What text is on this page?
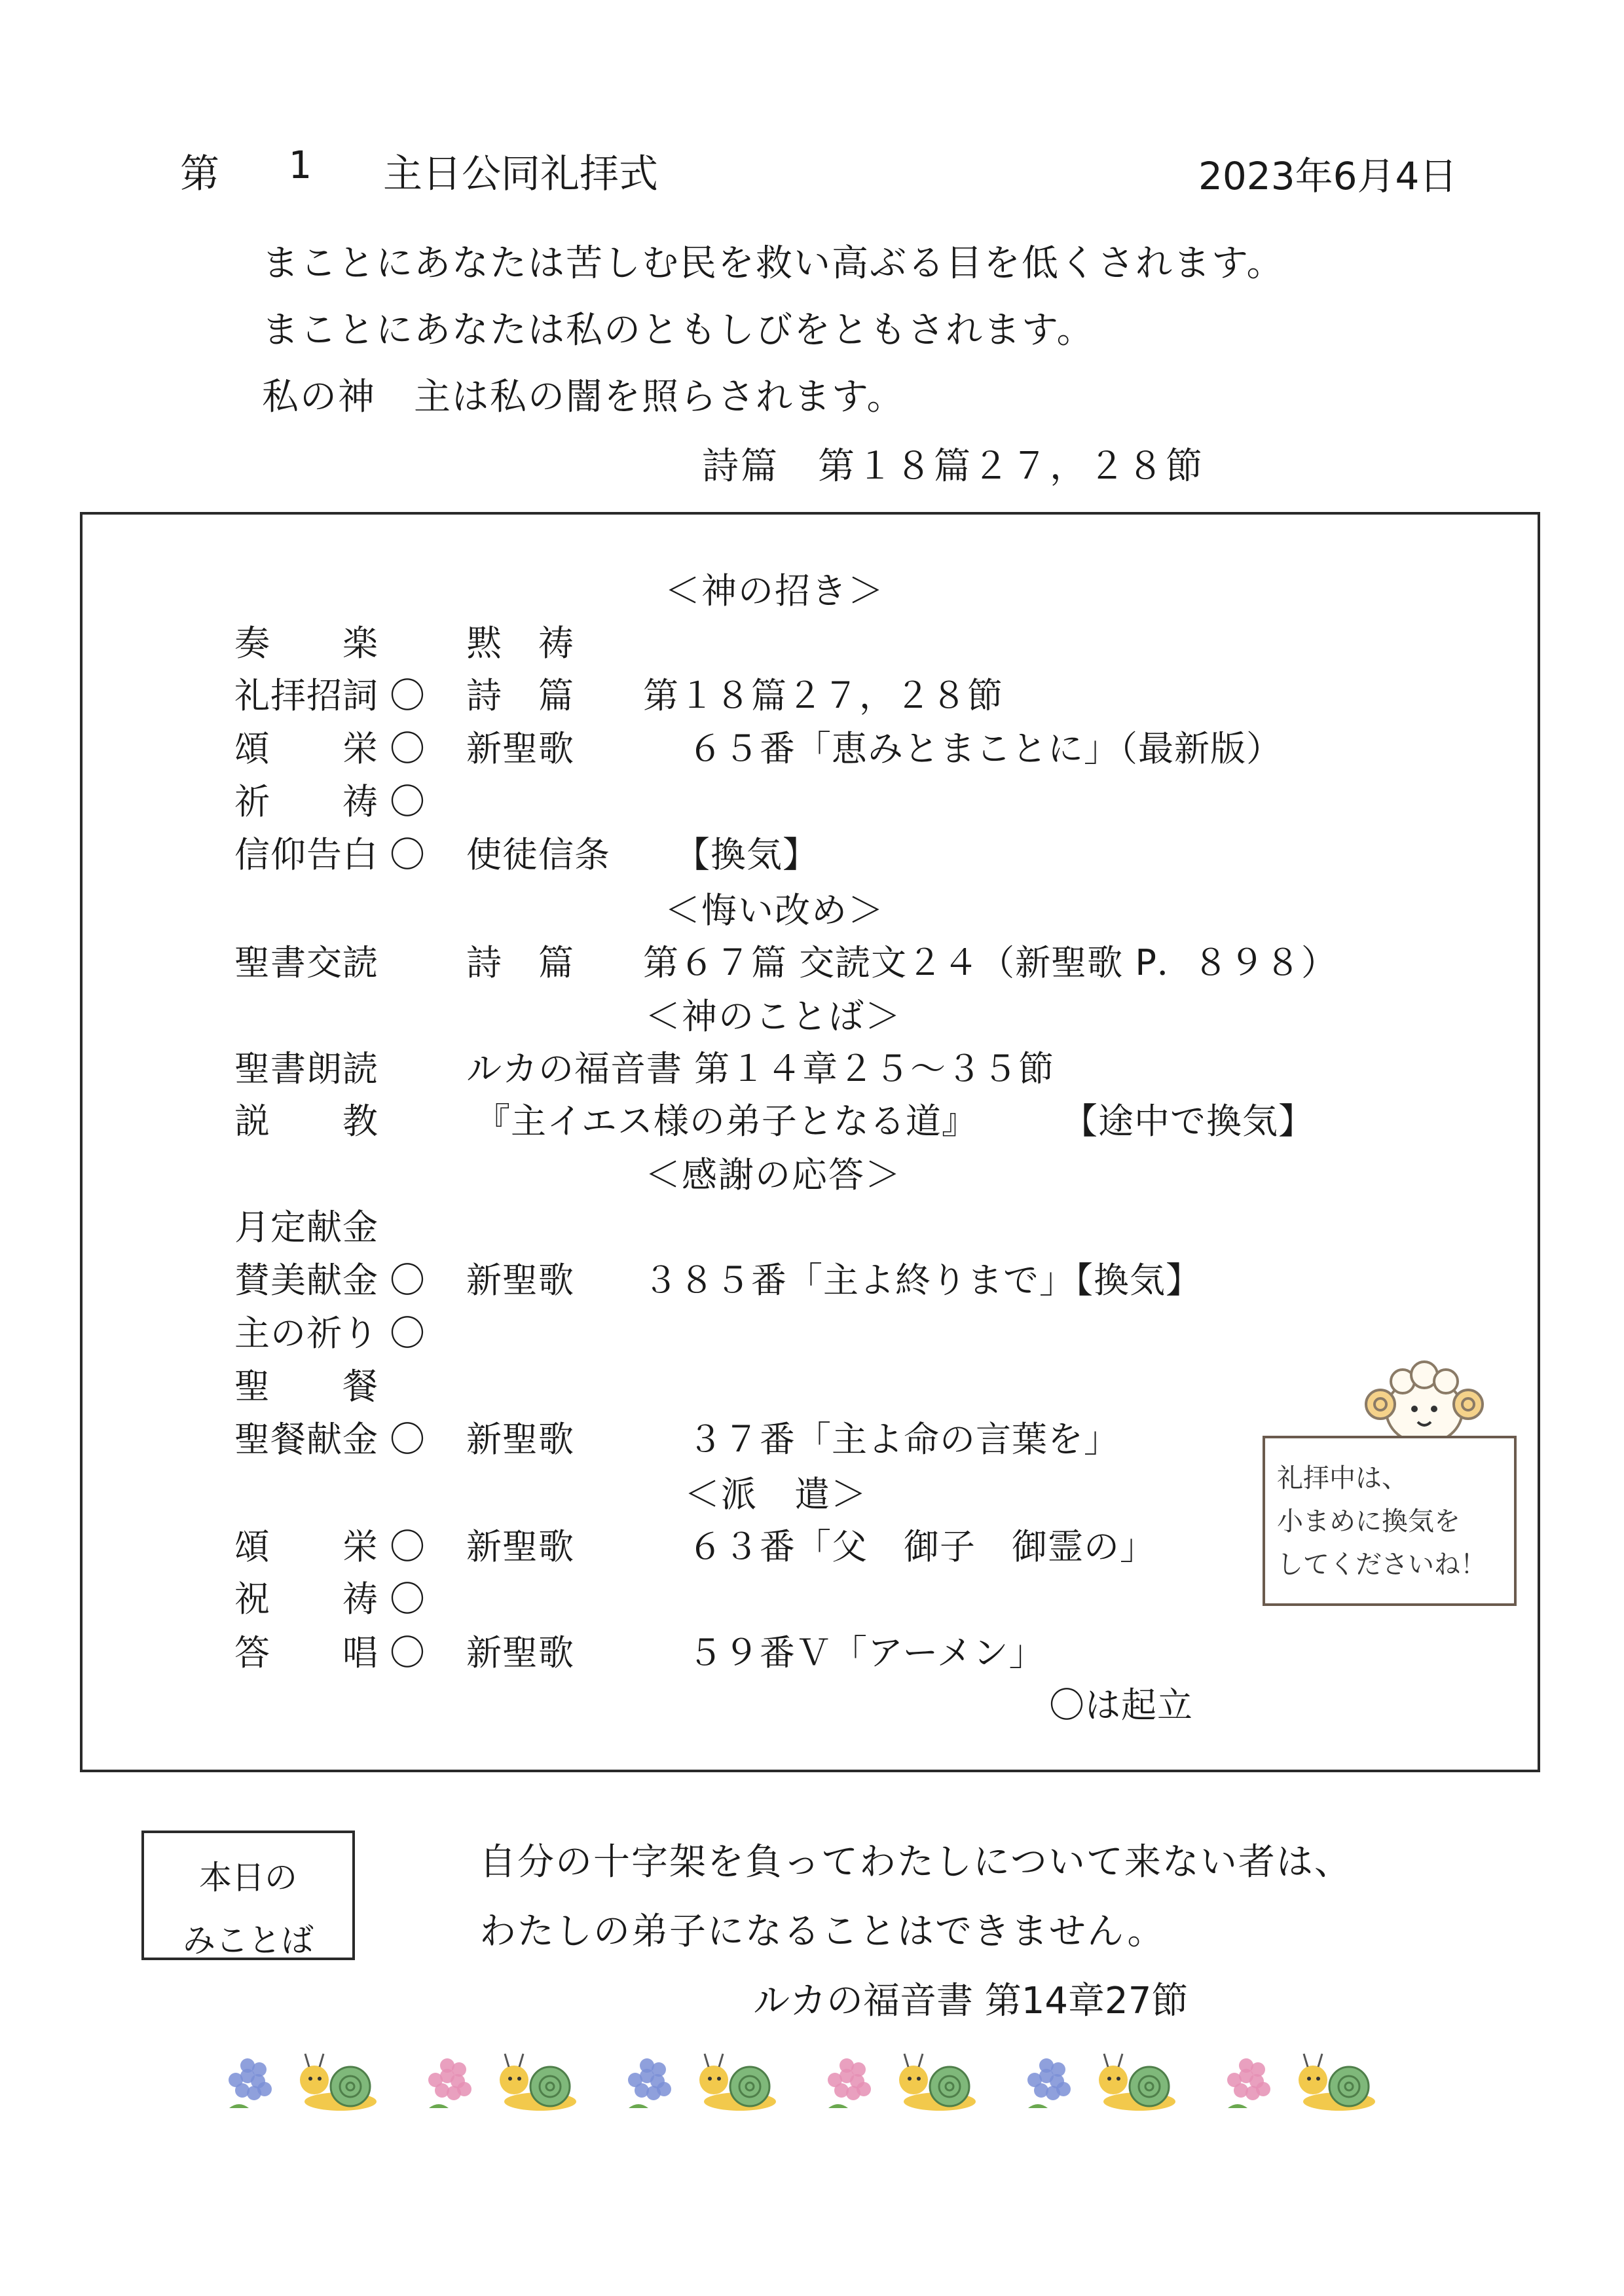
第 1 主日公同礼拝式	2023年6月4日
まことにあなたは苦しむ民を救い高ぶる目を低くされます。
まことにあなたは私のともしびをともされます。
私の神　主は私の闇を照らされます。
詩篇　第１８篇２７，２８節
＜神の招き＞
＜悔い改め＞
＜神のことば＞
＜感謝の応答＞
＜派　遣＞
奏　　楽 黙　祷
礼拝招詞 〇 詩　篇 第１８篇２７，２８節
頌　　栄 〇 新聖歌	６５番「恵みとまことに」（最新版）
祈　　祷 〇
信仰告白 〇 使徒信条 【換気】
聖書交読 詩　篇 第６７篇 交読文２４（新聖歌 P．８９８）
聖書朗読 ルカの福音書 第１４章２５～３５節
説　　教	『主イエス様の弟子となる道』 【途中で換気】
月定献金
賛美献金 〇 新聖歌 ３８５番「主よ終りまで」【換気】
主の祈り 〇
聖　　餐
聖餐献金 〇 新聖歌	３７番「主よ命の言葉を」
頌　　栄 〇 新聖歌	６３番「父　御子　御霊の」
祝　　祷 〇
答　　唱 〇 新聖歌	５９番Ｖ「アーメン」
〇は起立
礼拝中は、
小まめに換気を
してくださいね！
本日の
みことば
自分の十字架を負ってわたしについて来ない者は、
わたしの弟子になることはできません。
ルカの福音書 第14章27節
